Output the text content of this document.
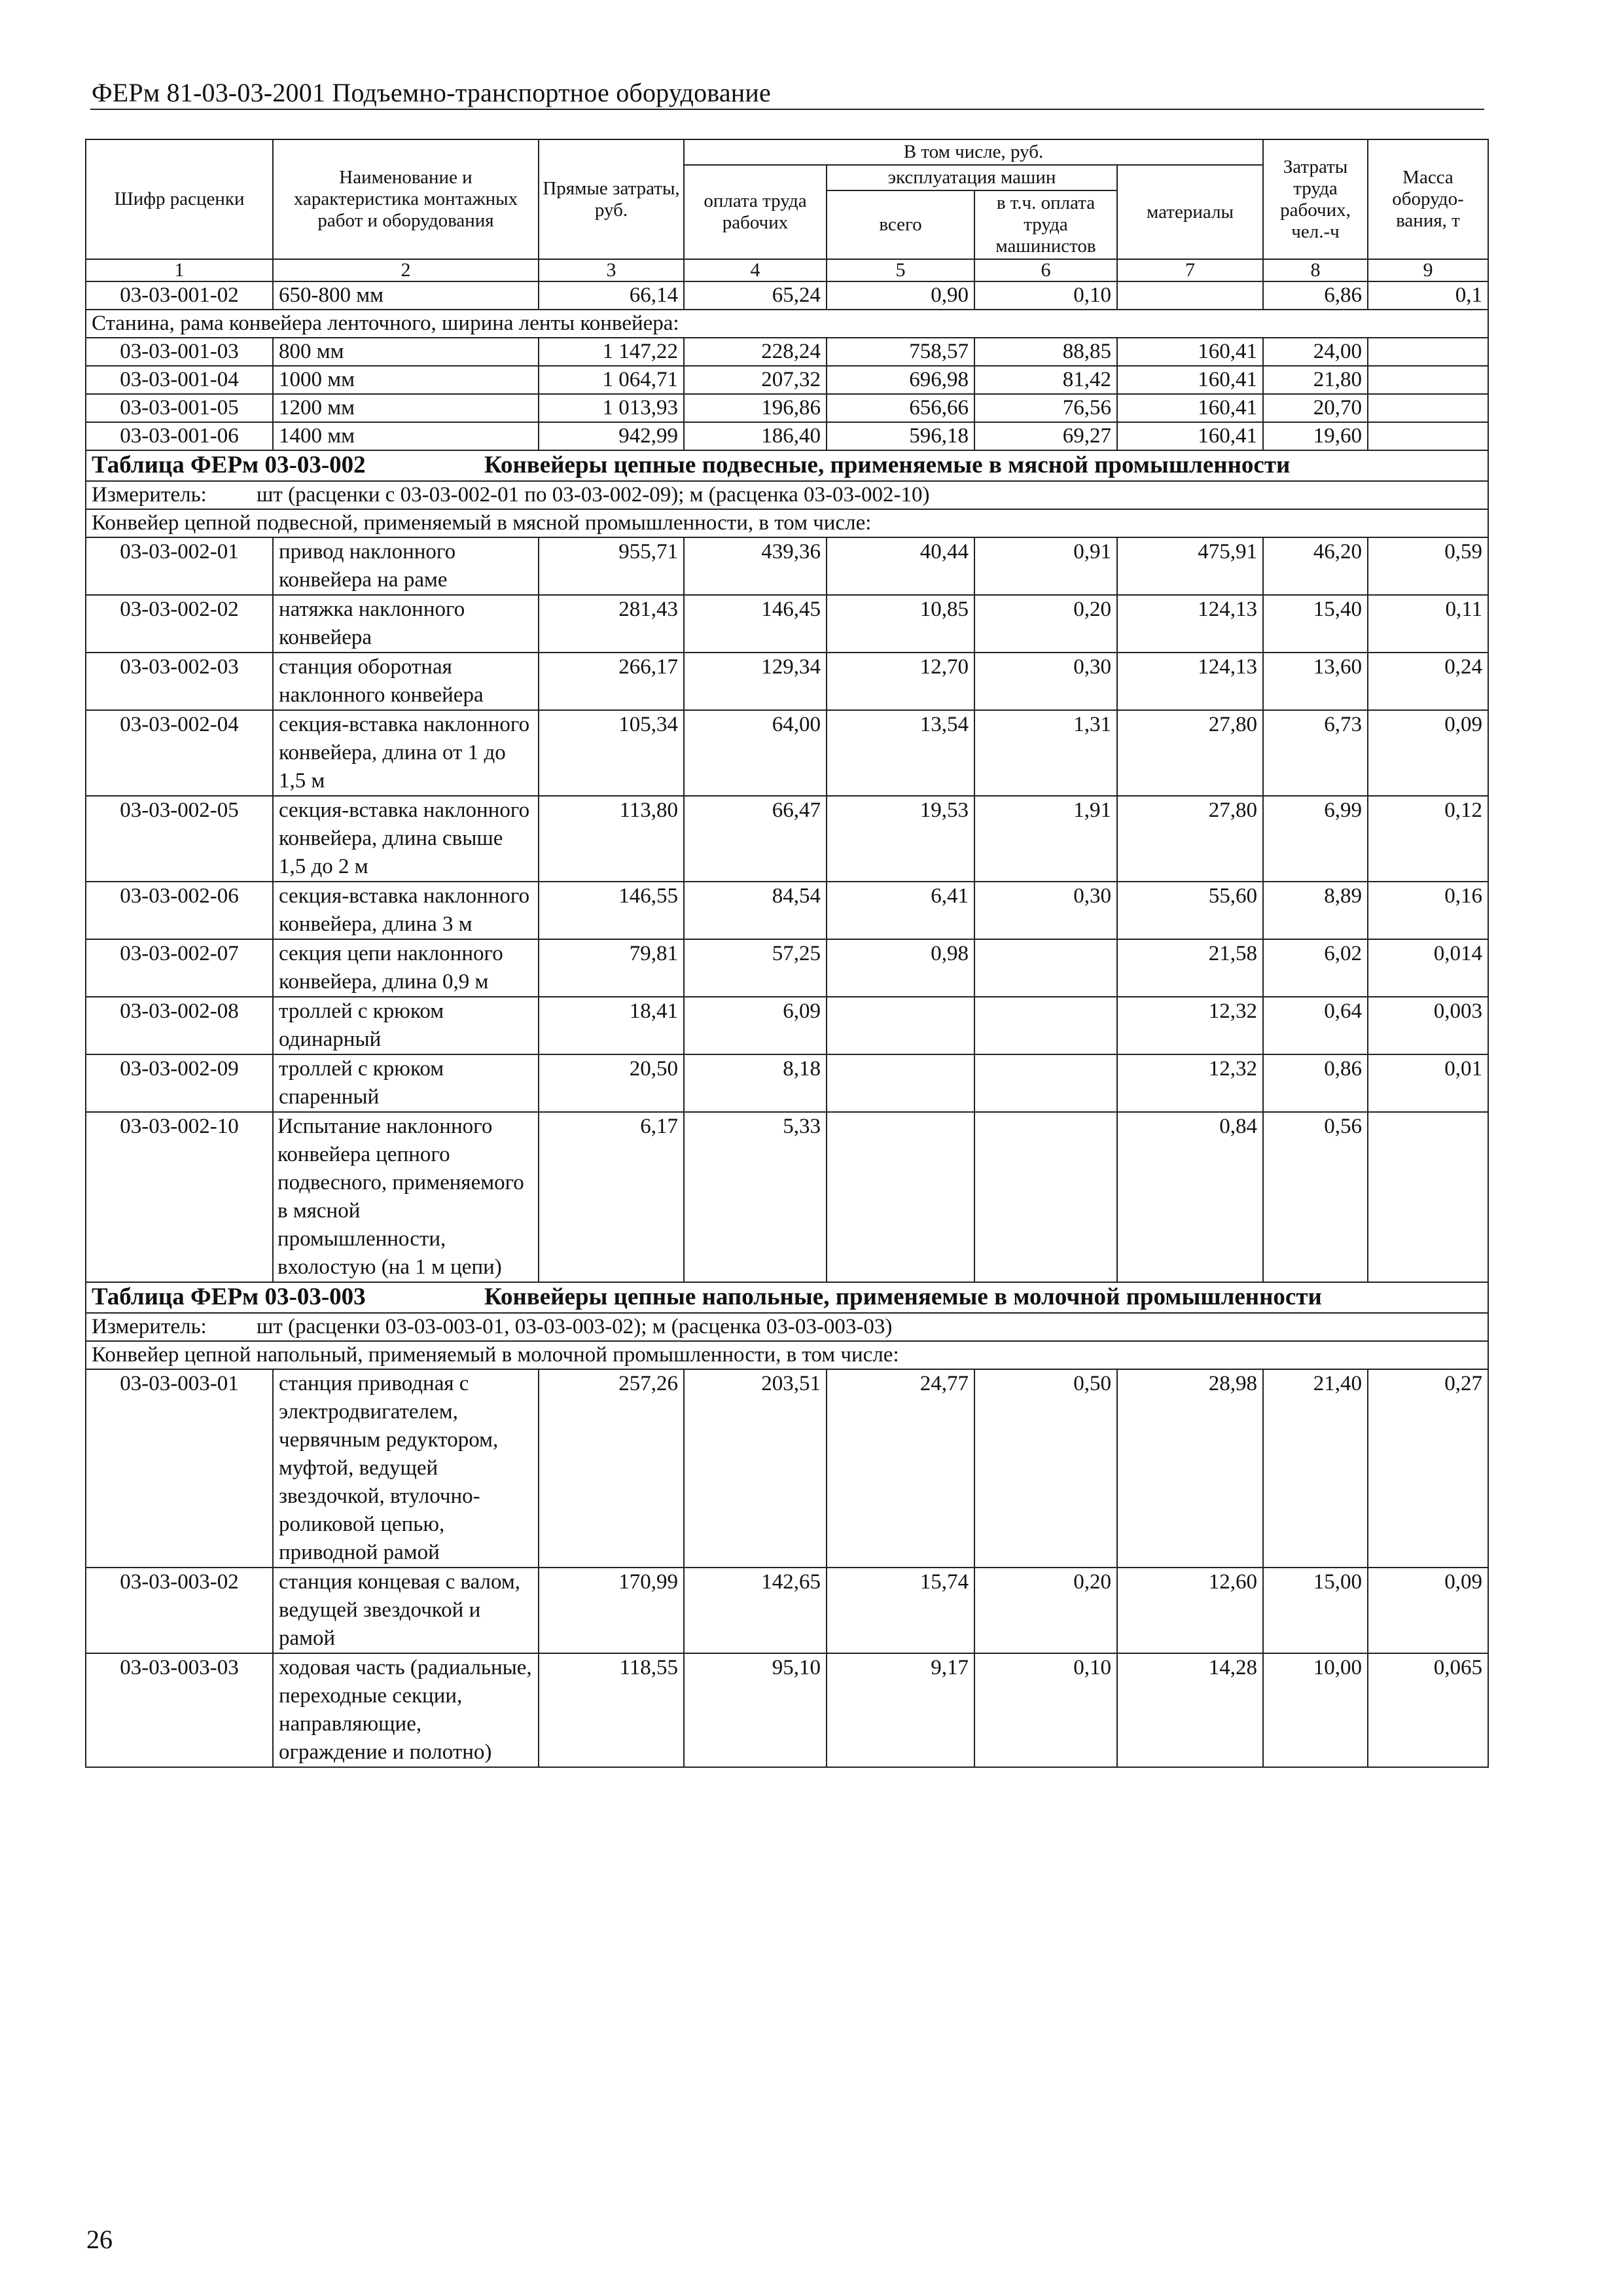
ФЕРм 81-03-03-2001 Подъемно-транспортное оборудование
Шифр расценки	Наименование и характеристика монтажных работ и оборудования	Прямые затраты, руб.	В том числе, руб.				Затраты труда рабочих, чел.-ч	Масса оборудо-вания, т
			оплата труда рабочих	эксплуатация машин		материалы		
				всего	в т.ч. оплата труда машинистов			
1	2	3	4	5	6	7	8	9
03-03-001-02	650-800 мм	66,14	65,24	0,90	0,10		6,86	0,1
Станина, рама конвейера ленточного, ширина ленты конвейера:								
03-03-001-03	800 мм	1 147,22	228,24	758,57	88,85	160,41	24,00	
03-03-001-04	1000 мм	1 064,71	207,32	696,98	81,42	160,41	21,80	
03-03-001-05	1200 мм	1 013,93	196,86	656,66	76,56	160,41	20,70	
03-03-001-06	1400 мм	942,99	186,40	596,18	69,27	160,41	19,60	
Таблица ФЕРм 03-03-002 Конвейеры цепные подвесные, применяемые в мясной промышленности								
Измеритель: шт (расценки с 03-03-002-01 по 03-03-002-09); м (расценка 03-03-002-10)								
Конвейер цепной подвесной, применяемый в мясной промышленности, в том числе:								
03-03-002-01	привод наклонного конвейера на раме	955,71	439,36	40,44	0,91	475,91	46,20	0,59
03-03-002-02	натяжка наклонного конвейера	281,43	146,45	10,85	0,20	124,13	15,40	0,11
03-03-002-03	станция оборотная наклонного конвейера	266,17	129,34	12,70	0,30	124,13	13,60	0,24
03-03-002-04	секция-вставка наклонного конвейера, длина от 1 до 1,5 м	105,34	64,00	13,54	1,31	27,80	6,73	0,09
03-03-002-05	секция-вставка наклонного конвейера, длина свыше 1,5 до 2 м	113,80	66,47	19,53	1,91	27,80	6,99	0,12
03-03-002-06	секция-вставка наклонного конвейера, длина 3 м	146,55	84,54	6,41	0,30	55,60	8,89	0,16
03-03-002-07	секция цепи наклонного конвейера, длина 0,9 м	79,81	57,25	0,98		21,58	6,02	0,014
03-03-002-08	троллей с крюком одинарный	18,41	6,09			12,32	0,64	0,003
03-03-002-09	троллей с крюком спаренный	20,50	8,18			12,32	0,86	0,01
03-03-002-10	Испытание наклонного конвейера цепного подвесного, применяемого в мясной промышленности, вхолостую (на 1 м цепи)	6,17	5,33			0,84	0,56	
Таблица ФЕРм 03-03-003 Конвейеры цепные напольные, применяемые в молочной промышленности								
Измеритель: шт (расценки 03-03-003-01, 03-03-003-02); м (расценка 03-03-003-03)								
Конвейер цепной напольный, применяемый в молочной промышленности, в том числе:								
03-03-003-01	станция приводная с электродвигателем, червячным редуктором, муфтой, ведущей звездочкой, втулочно-роликовой цепью, приводной рамой	257,26	203,51	24,77	0,50	28,98	21,40	0,27
03-03-003-02	станция концевая с валом, ведущей звездочкой и рамой	170,99	142,65	15,74	0,20	12,60	15,00	0,09
03-03-003-03	ходовая часть (радиальные, переходные секции, направляющие, ограждение и полотно)	118,55	95,10	9,17	0,10	14,28	10,00	0,065
26
